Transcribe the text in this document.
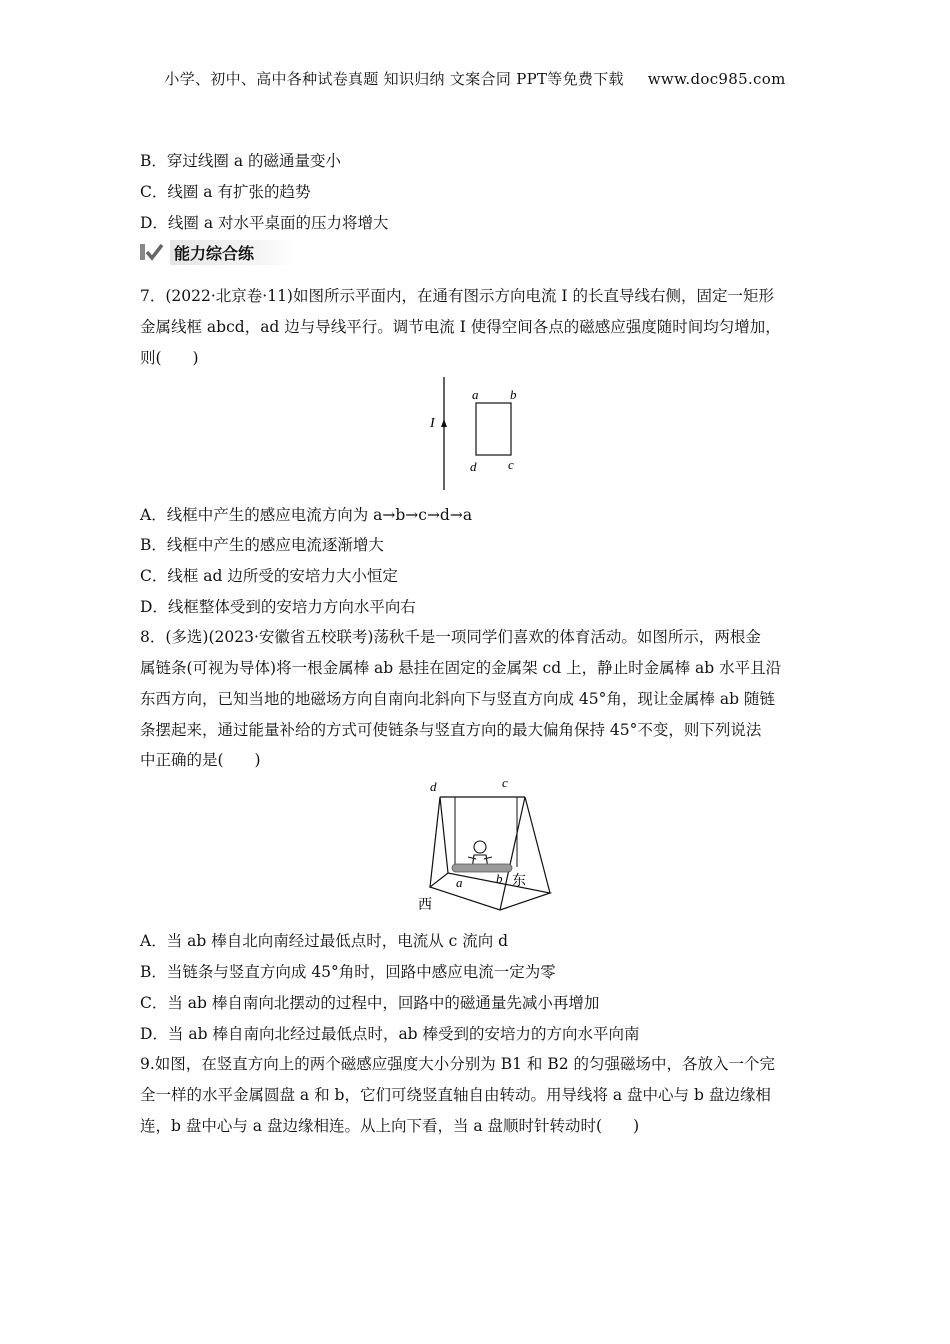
小学、初中、高中各种试卷真题 知识归纳 文案合同 PPT等免费下载 www.doc985.com
B．穿过线圈 a 的磁通量变小
C．线圈 a 有扩张的趋势
D．线圈 a 对水平桌面的压力将增大
能力综合练
7．(2022·北京卷·11)如图所示平面内，在通有图示方向电流 I 的长直导线右侧，固定一矩形
金属线框 abcd，ad 边与导线平行。调节电流 I 使得空间各点的磁感应强度随时间均匀增加，
则(　　)
I
a b
d c
A．线框中产生的感应电流方向为 a→b→c→d→a
B．线框中产生的感应电流逐渐增大
C．线框 ad 边所受的安培力大小恒定
D．线框整体受到的安培力方向水平向右
8．(多选)(2023·安徽省五校联考)荡秋千是一项同学们喜欢的体育活动。如图所示，两根金
属链条(可视为导体)将一根金属棒 ab 悬挂在固定的金属架 cd 上，静止时金属棒 ab 水平且沿
东西方向，已知当地的地磁场方向自南向北斜向下与竖直方向成 45°角，现让金属棒 ab 随链
条摆起来，通过能量补给的方式可使链条与竖直方向的最大偏角保持 45°不变，则下列说法
中正确的是(　　)
d	c
a	b 东
西
A．当 ab 棒自北向南经过最低点时，电流从 c 流向 d
B．当链条与竖直方向成 45°角时，回路中感应电流一定为零
C．当 ab 棒自南向北摆动的过程中，回路中的磁通量先减小再增加
D．当 ab 棒自南向北经过最低点时，ab 棒受到的安培力的方向水平向南
9.如图，在竖直方向上的两个磁感应强度大小分别为 B1 和 B2 的匀强磁场中，各放入一个完
全一样的水平金属圆盘 a 和 b，它们可绕竖直轴自由转动。用导线将 a 盘中心与 b 盘边缘相
连，b 盘中心与 a 盘边缘相连。从上向下看，当 a 盘顺时针转动时(　　)
